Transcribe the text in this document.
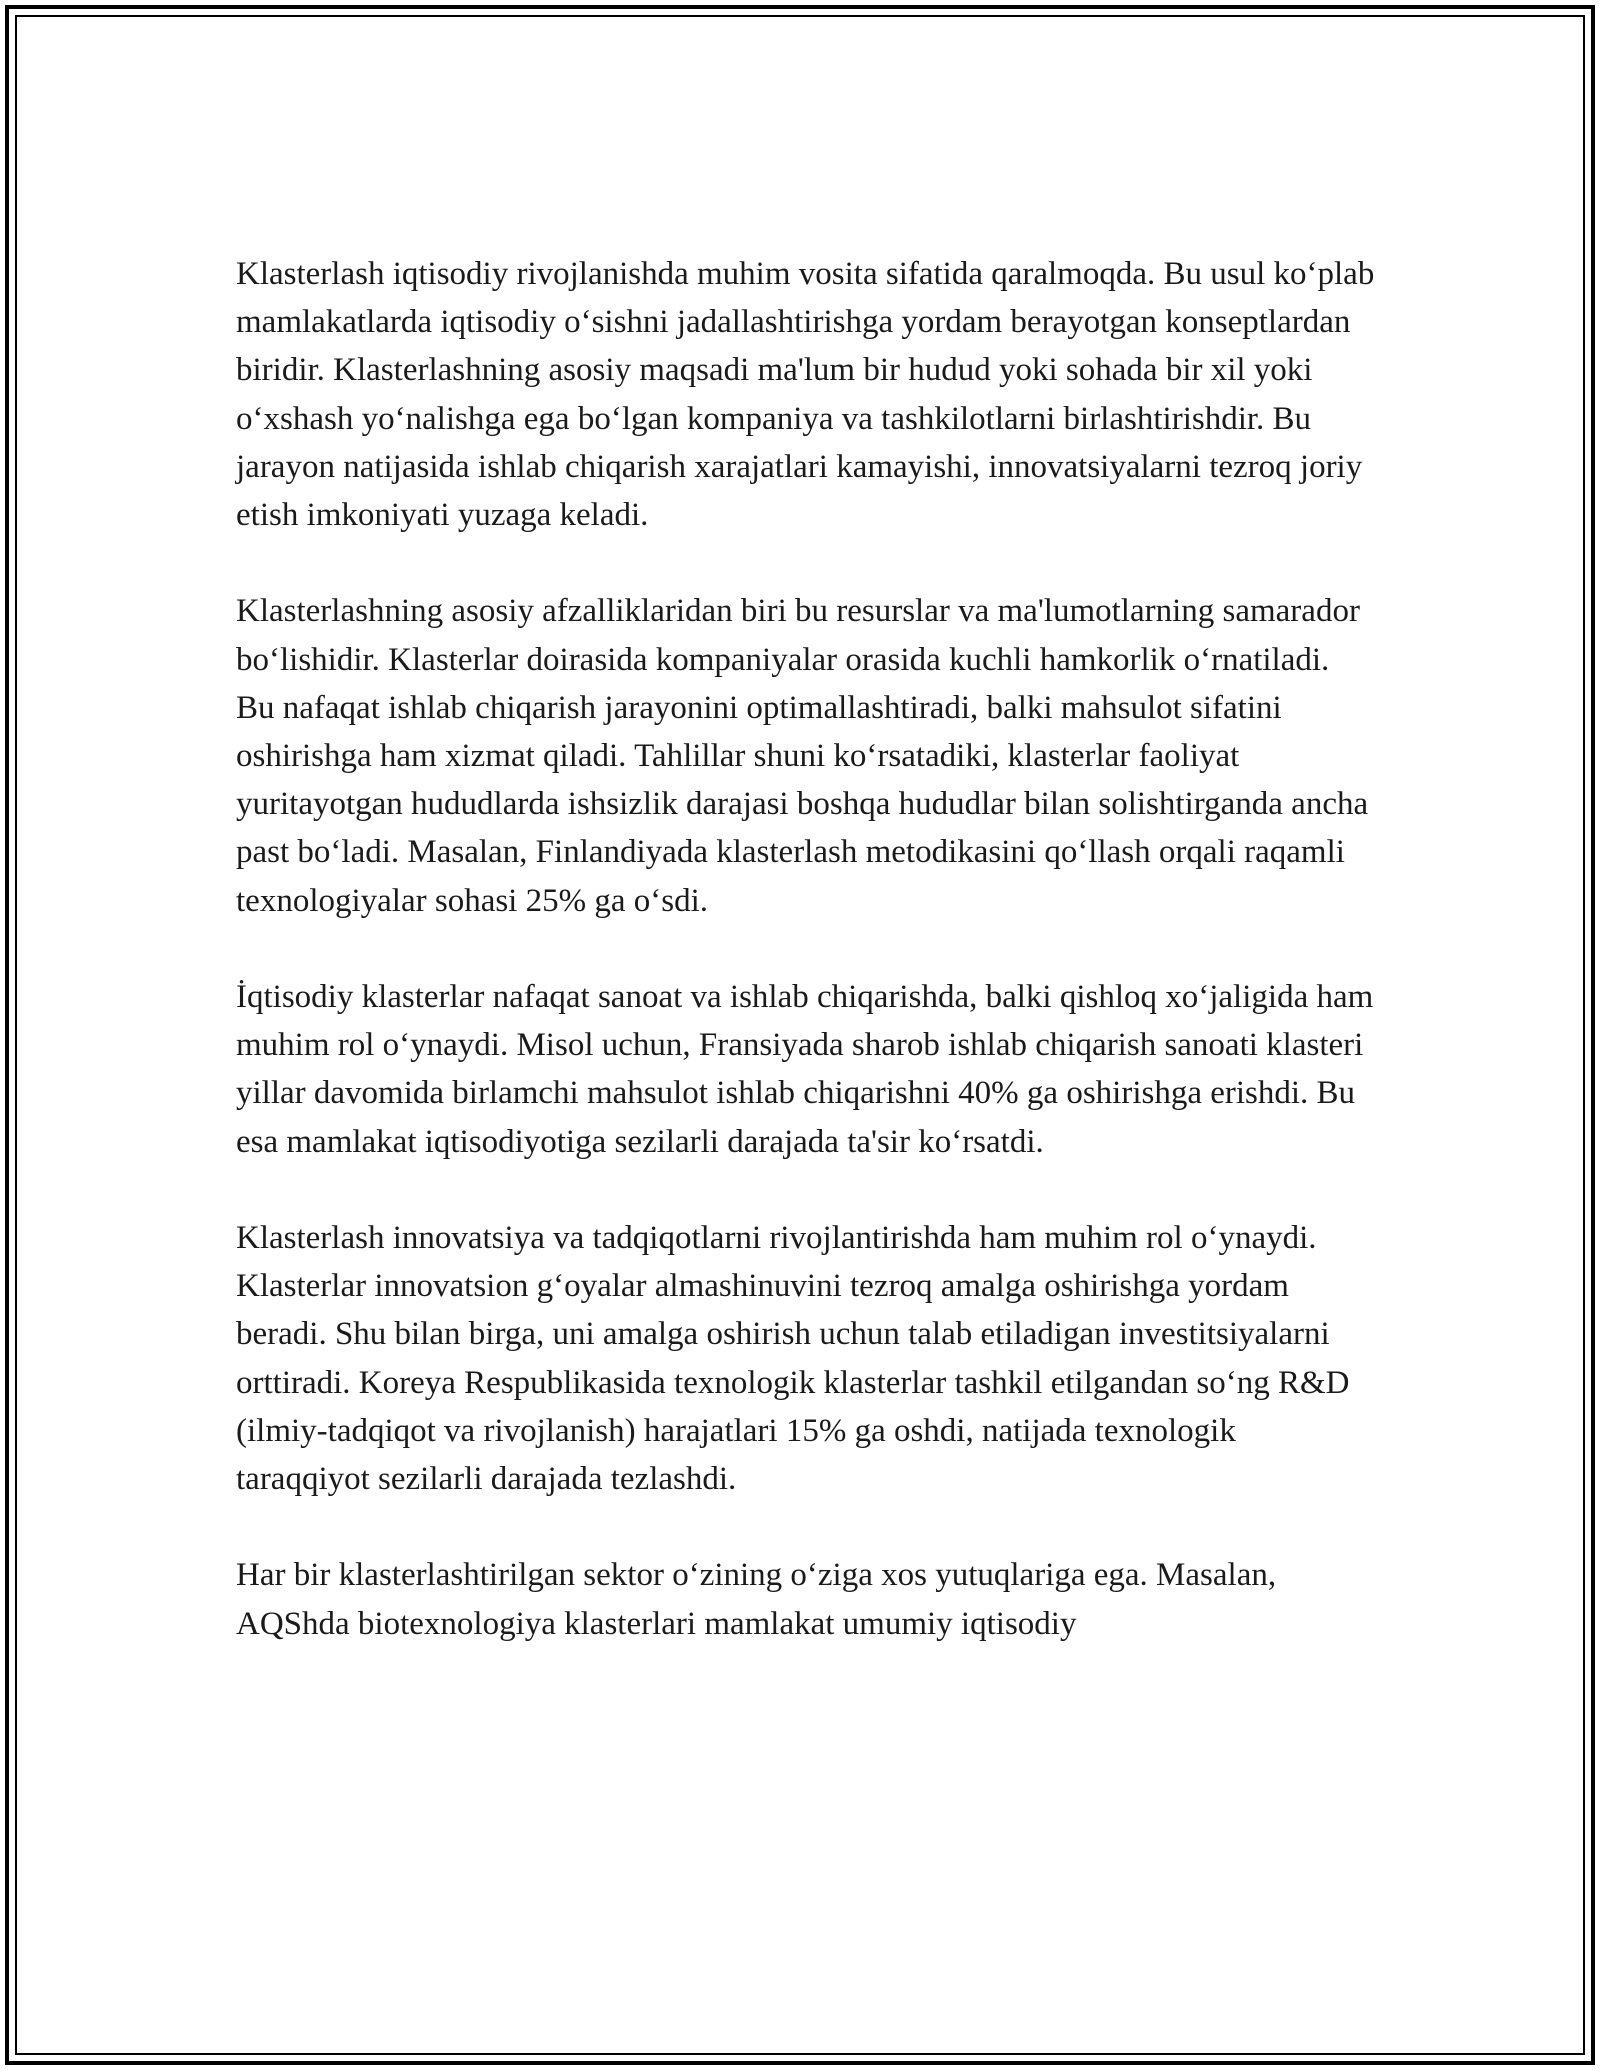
Klasterlash iqtisodiy rivojlanishda muhim vosita sifatida qaralmoqda. Bu usul koʻplab mamlakatlarda iqtisodiy oʻsishni jadallashtirishga yordam berayotgan konseptlardan biridir. Klasterlashning asosiy maqsadi ma'lum bir hudud yoki sohada bir xil yoki oʻxshash yoʻnalishga ega boʻlgan kompaniya va tashkilotlarni birlashtirishdir. Bu jarayon natijasida ishlab chiqarish xarajatlari kamayishi, innovatsiyalarni tezroq joriy etish imkoniyati yuzaga keladi.

Klasterlashning asosiy afzalliklaridan biri bu resurslar va ma'lumotlarning samarador boʻlishidir. Klasterlar doirasida kompaniyalar orasida kuchli hamkorlik oʻrnatiladi. Bu nafaqat ishlab chiqarish jarayonini optimallashtiradi, balki mahsulot sifatini oshirishga ham xizmat qiladi. Tahlillar shuni koʻrsatadiki, klasterlar faoliyat yuritayotgan hududlarda ishsizlik darajasi boshqa hududlar bilan solishtirganda ancha past boʻladi. Masalan, Finlandiyada klasterlash metodikasini qoʻllash orqali raqamli texnologiyalar sohasi 25% ga oʻsdi.

İqtisodiy klasterlar nafaqat sanoat va ishlab chiqarishda, balki qishloq xoʻjaligida ham muhim rol oʻynaydi. Misol uchun, Fransiyada sharob ishlab chiqarish sanoati klasteri yillar davomida birlamchi mahsulot ishlab chiqarishni 40% ga oshirishga erishdi. Bu esa mamlakat iqtisodiyotiga sezilarli darajada ta'sir koʻrsatdi.

Klasterlash innovatsiya va tadqiqotlarni rivojlantirishda ham muhim rol oʻynaydi. Klasterlar innovatsion gʻoyalar almashinuvini tezroq amalga oshirishga yordam beradi. Shu bilan birga, uni amalga oshirish uchun talab etiladigan investitsiyalarni orttiradi. Koreya Respublikasida texnologik klasterlar tashkil etilgandan soʻng R&D (ilmiy-tadqiqot va rivojlanish) harajatlari 15% ga oshdi, natijada texnologik taraqqiyot sezilarli darajada tezlashdi.

Har bir klasterlashtirilgan sektor oʻzining oʻziga xos yutuqlariga ega. Masalan, AQShda biotexnologiya klasterlari mamlakat umumiy iqtisodiy
